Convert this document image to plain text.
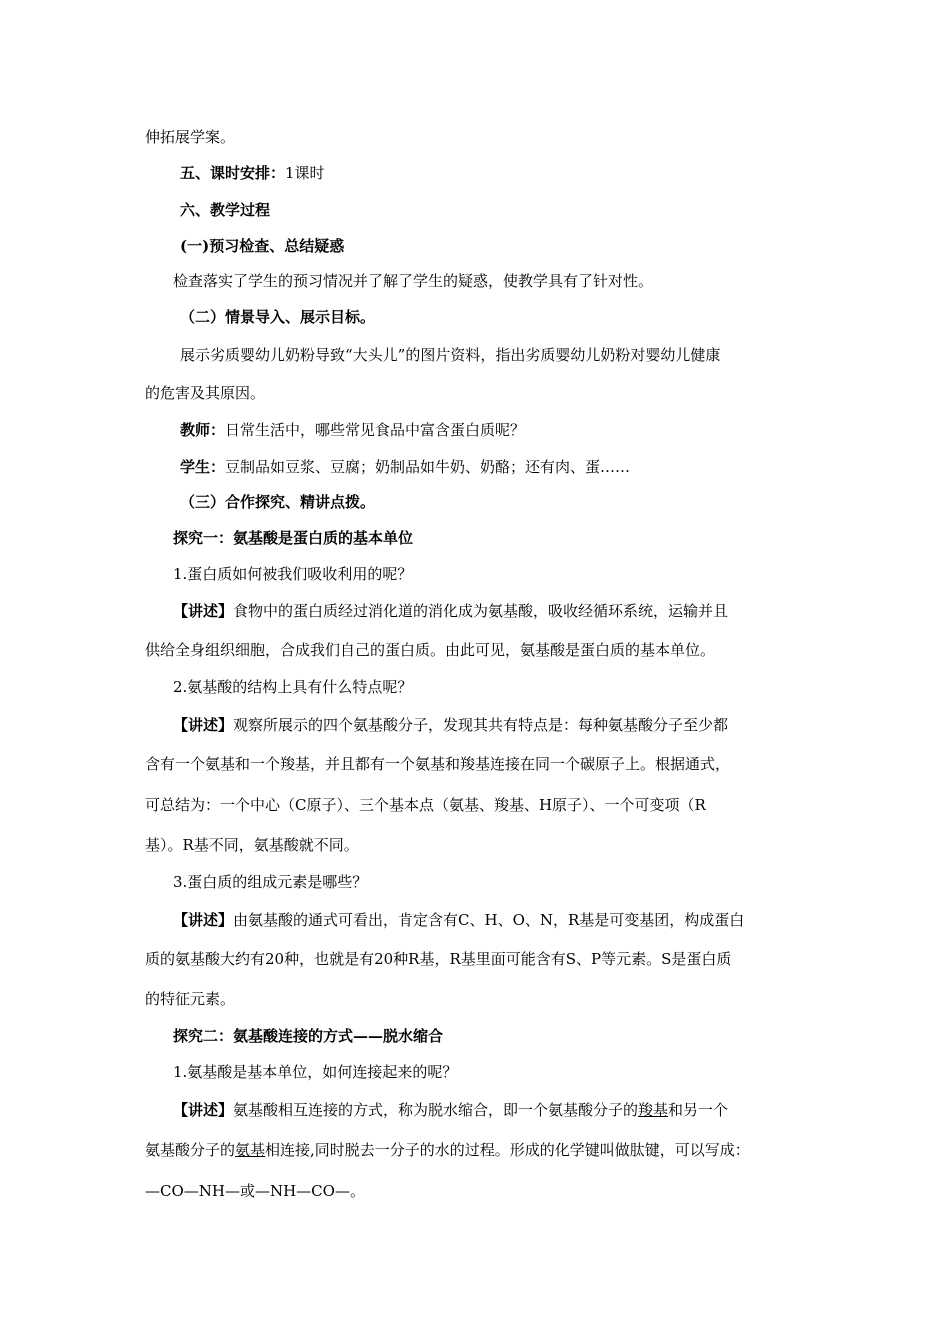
伸拓展学案。
五、课时安排：1课时
六、教学过程
(一)预习检查、总结疑惑
检查落实了学生的预习情况并了解了学生的疑惑，使教学具有了针对性。
（二）情景导入、展示目标。
展示劣质婴幼儿奶粉导致“大头儿”的图片资料，指出劣质婴幼儿奶粉对婴幼儿健康
的危害及其原因。
教师：日常生活中，哪些常见食品中富含蛋白质呢？
学生：豆制品如豆浆、豆腐；奶制品如牛奶、奶酪；还有肉、蛋……
（三）合作探究、精讲点拨。
探究一：氨基酸是蛋白质的基本单位
1.蛋白质如何被我们吸收利用的呢？
【讲述】食物中的蛋白质经过消化道的消化成为氨基酸，吸收经循环系统，运输并且
供给全身组织细胞，合成我们自己的蛋白质。由此可见，氨基酸是蛋白质的基本单位。
2.氨基酸的结构上具有什么特点呢？
【讲述】观察所展示的四个氨基酸分子，发现其共有特点是：每种氨基酸分子至少都
含有一个氨基和一个羧基，并且都有一个氨基和羧基连接在同一个碳原子上。根据通式，
可总结为：一个中心（C原子）、三个基本点（氨基、羧基、H原子）、一个可变项（R
基）。R基不同，氨基酸就不同。
3.蛋白质的组成元素是哪些？
【讲述】由氨基酸的通式可看出，肯定含有C、H、O、N，R基是可变基团，构成蛋白
质的氨基酸大约有20种，也就是有20种R基，R基里面可能含有S、P等元素。S是蛋白质
的特征元素。
探究二：氨基酸连接的方式——脱水缩合
1.氨基酸是基本单位，如何连接起来的呢？
【讲述】氨基酸相互连接的方式，称为脱水缩合，即一个氨基酸分子的羧基和另一个
氨基酸分子的氨基相连接,同时脱去一分子的水的过程。形成的化学键叫做肽键，可以写成：
—CO—NH—或—NH—CO—。
